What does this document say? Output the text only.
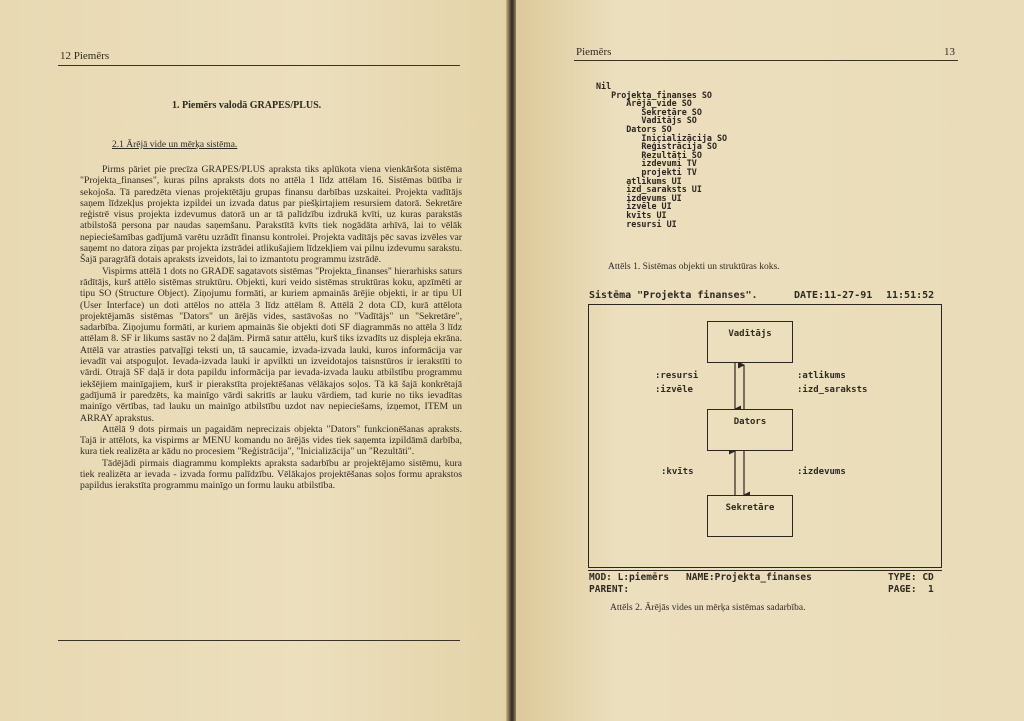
12 Piemērs
1. Piemērs valodā GRAPES/PLUS.
2.1 Ārējā vide un mērķa sistēma.

Pirms pāriet pie precīza GRAPES/PLUS apraksta tiks aplūkota viena vienkāršota sistēma "Projekta_finanses", kuras pilns apraksts dots no attēla 1 līdz attēlam 16. Sistēmas būtība ir sekojoša. Tā paredzēta vienas projektētāju grupas finansu darbības uzskaitei. Projekta vadītājs saņem līdzekļus projekta izpildei un izvada datus par piešķirtajiem resursiem datorā. Sekretāre reģistrē visus projekta izdevumus datorā un ar tā palīdzību izdrukā kvīti, uz kuras parakstās atbilstošā persona par naudas saņemšanu. Parakstītā kvīts tiek nogādāta arhīvā, lai to vēlāk nepieciešamības gadījumā varētu uzrādīt finansu kontrolei. Projekta vadītājs pēc savas izvēles var saņemt no datora ziņas par projekta izstrādei atlikušajiem līdzekļiem vai pilnu izdevumu sarakstu. Šajā paragrāfā dotais apraksts izveidots, lai to izmantotu programmu izstrādē.

Vispirms attēlā 1 dots no GRADE sagatavots sistēmas "Projekta_finanses" hierarhisks saturs rādītājs, kurš attēlo sistēmas struktūru. Objekti, kuri veido sistēmas struktūras koku, apzīmēti ar tipu SO (Structure Object). Ziņojumu formāti, ar kuriem apmainās ārējie objekti, ir ar tipu UI (User Interface) un doti attēlos no attēla 3 līdz attēlam 8. Attēlā 2 dota CD, kurā attēlota projektējamās sistēmas "Dators" un ārējās vides, sastāvošas no "Vadītājs" un "Sekretāre", sadarbība. Ziņojumu formāti, ar kuriem apmainās šie objekti doti SF diagrammās no attēla 3 līdz attēlam 8. SF ir likums sastāv no 2 daļām. Pirmā satur attēlu, kurš tiks izvadīts uz displeja ekrāna. Attēlā var atrasties patvaļīgi teksti un, tā saucamie, izvada-izvada lauki, kuros informācija var ievadīt vai atspoguļot. Ievada-izvada lauki ir apvilkti un izveidotajos taisnstūros ir ierakstīti to vārdi. Otrajā SF daļā ir dota papildu informācija par ievada-izvada lauku atbilstību programmu iekšējiem mainīgajiem, kurš ir pierakstīta projektēšanas vēlākajos soļos. Tā kā šajā konkrētajā gadījumā ir paredzēts, ka mainīgo vārdi sakritīs ar lauku vārdiem, tad kurie no tiks ievadītas mainīgo vērtības, tad lauku un mainīgo atbilstību uzdot nav nepieciešams, izņemot, ITEM un ARRAY aprakstus.

Attēlā 9 dots pirmais un pagaidām neprecizais objekta "Dators" funkcionēšanas apraksts. Tajā ir attēlots, ka vispirms ar MENU komandu no ārējās vides tiek saņemta izpildāmā darbība, kura tiek realizēta ar kādu no procesiem "Reģistrācija", "Inicializācija" un "Rezultāti".

Tādējādi pirmais diagrammu komplekts apraksta sadarbību ar projektējamo sistēmu, kura tiek realizēta ar ievada - izvada formu palīdzību. Vēlākajos projektēšanas soļos formu aprakstos papildus ierakstīta programmu mainīgo un formu lauku atbilstība.

Piemērs	13
Nil
Projekta_finanses SO
Ārējā_vide SO
Sekretāre SO
Vadītājs SO
Dators SO
Inicializācija SO
Reģistrācija SO
Rezultāti SO
izdevumi TV
projekti TV
atlikums UI
izd_saraksts UI
izdevums UI
izvēle UI
kvīts UI
resursi UI
Attēls 1. Sistēmas objekti un struktūras koks.
Sistēma "Projekta finanses".	DATE:11-27-91 11:51:52
Vadītājs
Dators
Sekretāre
:resursi
:izvēle
:atlikums
:izd_saraksts
:kvīts	:izdevums
MOD: L:piemērs NAME:Projekta_finanses	TYPE: CD
PARENT:	PAGE:  1
Attēls 2. Ārējās vides un mērķa sistēmas sadarbība.
